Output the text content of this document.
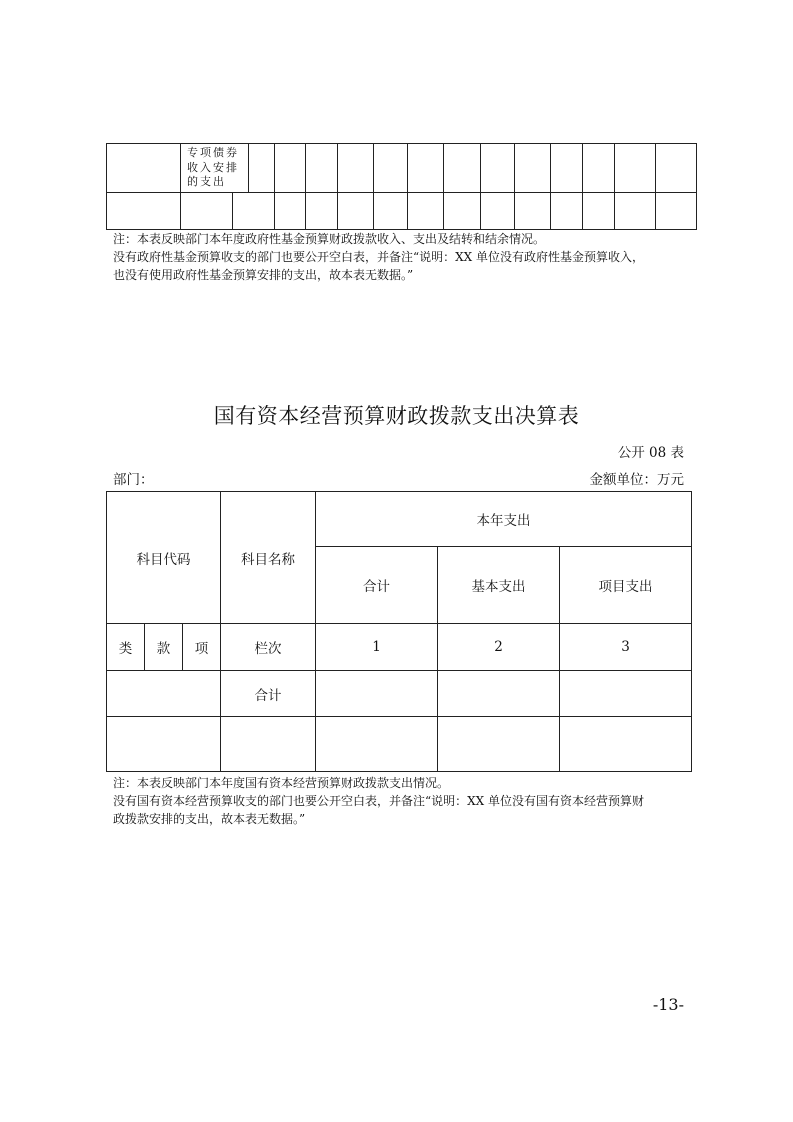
	专项债券
收入安排
的支出														

注：本表反映部门本年度政府性基金预算财政拨款收入、支出及结转和结余情况。
没有政府性基金预算收支的部门也要公开空白表，并备注“说明：XX 单位没有政府性基金预算收入，
也没有使用政府性基金预算安排的支出，故本表无数据。”
国有资本经营预算财政拨款支出决算表
公开 08 表
部门：	金额单位：万元
科目代码			科目名称	本年支出		
				合计	基本支出	项目支出
类	款	项	栏次	1	2	3
			合计			

注：本表反映部门本年度国有资本经营预算财政拨款支出情况。
没有国有资本经营预算收支的部门也要公开空白表，并备注“说明：XX 单位没有国有资本经营预算财
政拨款安排的支出，故本表无数据。”
-13-
